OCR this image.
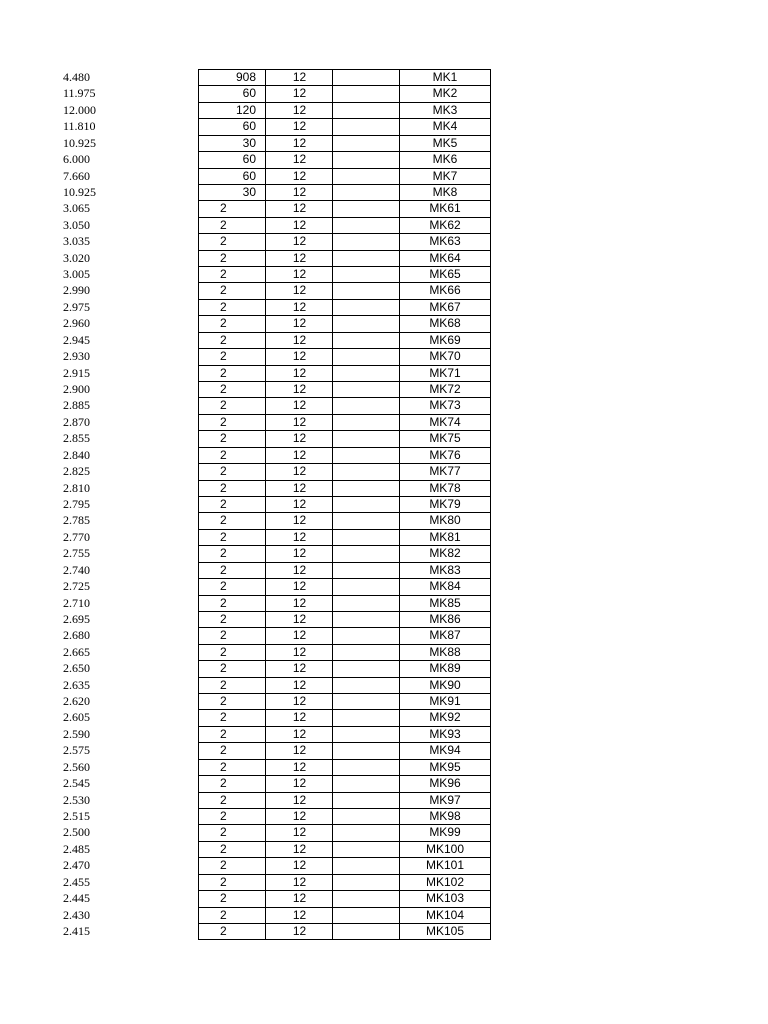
4.480	908	12	MK1
11.975	60	12	MK2
12.000	120	12	MK3
11.810	60	12	MK4
10.925	30	12	MK5
6.000	60	12	MK6
7.660	60	12	MK7
10.925	30	12	MK8
3.065	2	12	MK61
3.050	2	12	MK62
3.035	2	12	MK63
3.020	2	12	MK64
3.005	2	12	MK65
2.990	2	12	MK66
2.975	2	12	MK67
2.960	2	12	MK68
2.945	2	12	MK69
2.930	2	12	MK70
2.915	2	12	MK71
2.900	2	12	MK72
2.885	2	12	MK73
2.870	2	12	MK74
2.855	2	12	MK75
2.840	2	12	MK76
2.825	2	12	MK77
2.810	2	12	MK78
2.795	2	12	MK79
2.785	2	12	MK80
2.770	2	12	MK81
2.755	2	12	MK82
2.740	2	12	MK83
2.725	2	12	MK84
2.710	2	12	MK85
2.695	2	12	MK86
2.680	2	12	MK87
2.665	2	12	MK88
2.650	2	12	MK89
2.635	2	12	MK90
2.620	2	12	MK91
2.605	2	12	MK92
2.590	2	12	MK93
2.575	2	12	MK94
2.560	2	12	MK95
2.545	2	12	MK96
2.530	2	12	MK97
2.515	2	12	MK98
2.500	2	12	MK99
2.485	2	12	MK100
2.470	2	12	MK101
2.455	2	12	MK102
2.445	2	12	MK103
2.430	2	12	MK104
2.415	2	12	MK105
